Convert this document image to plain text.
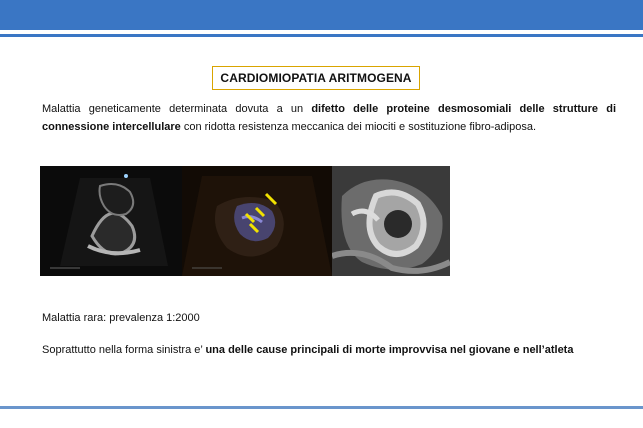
CARDIOMIOPATIA ARITMOGENA
Malattia geneticamente determinata dovuta a un difetto delle proteine desmosomiali delle strutture di connessione intercellulare con ridotta resistenza meccanica dei miociti e sostituzione fibro-adiposa.
Malattia rara: prevalenza 1:2000
Soprattutto nella forma sinistra e’ una delle cause principali di morte improvvisa nel giovane e nell’atleta
